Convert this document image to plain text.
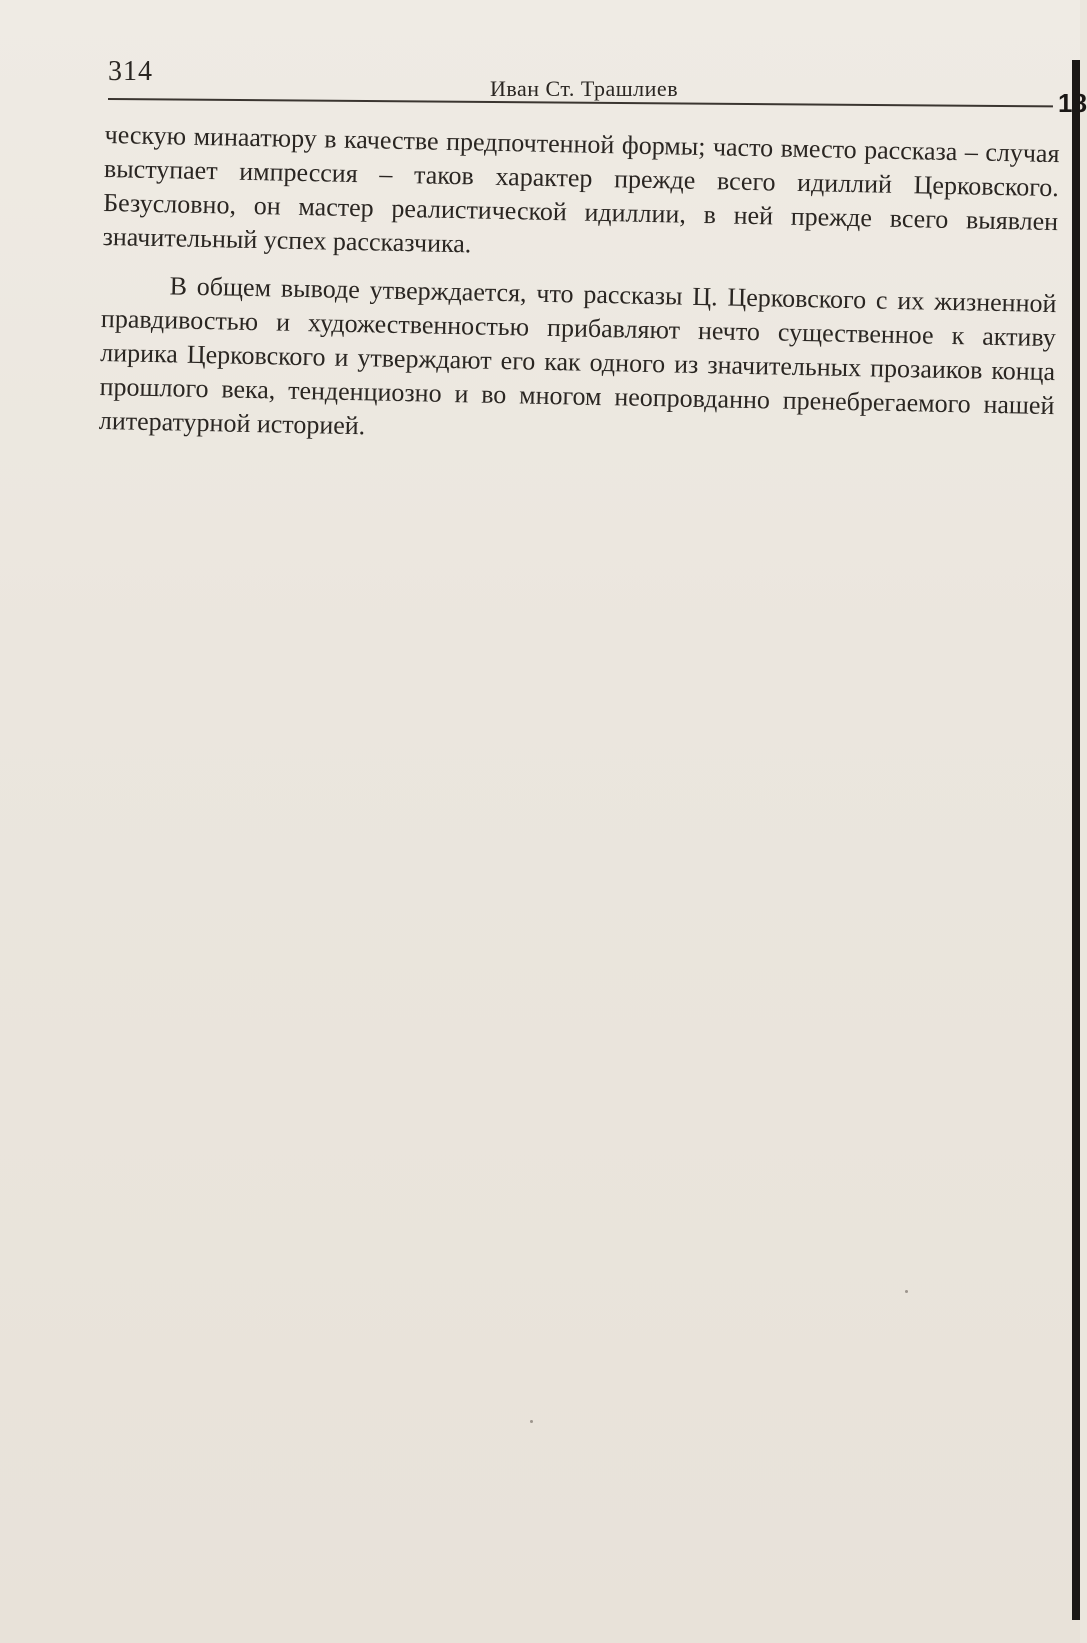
314
Иван Ст. Трашлиев

ческую минаатюру в качестве предпочтенной формы; часто вместо рассказа – случая выступает импрессия – таков характер прежде всего идиллий Церковского. Безусловно, он мастер реалистической идиллии, в ней прежде всего выявлен значительный успех рассказчика.

В общем выводе утверждается, что рассказы Ц. Церковского с их жизненной правдивостью и художественностью прибавляют нечто существенное к активу лирика Церковского и утверждают его как одного из значительных прозаиков конца прошлого века, тенденциозно и во многом неопровданно пренебрегаемого нашей литературной историей.

18
